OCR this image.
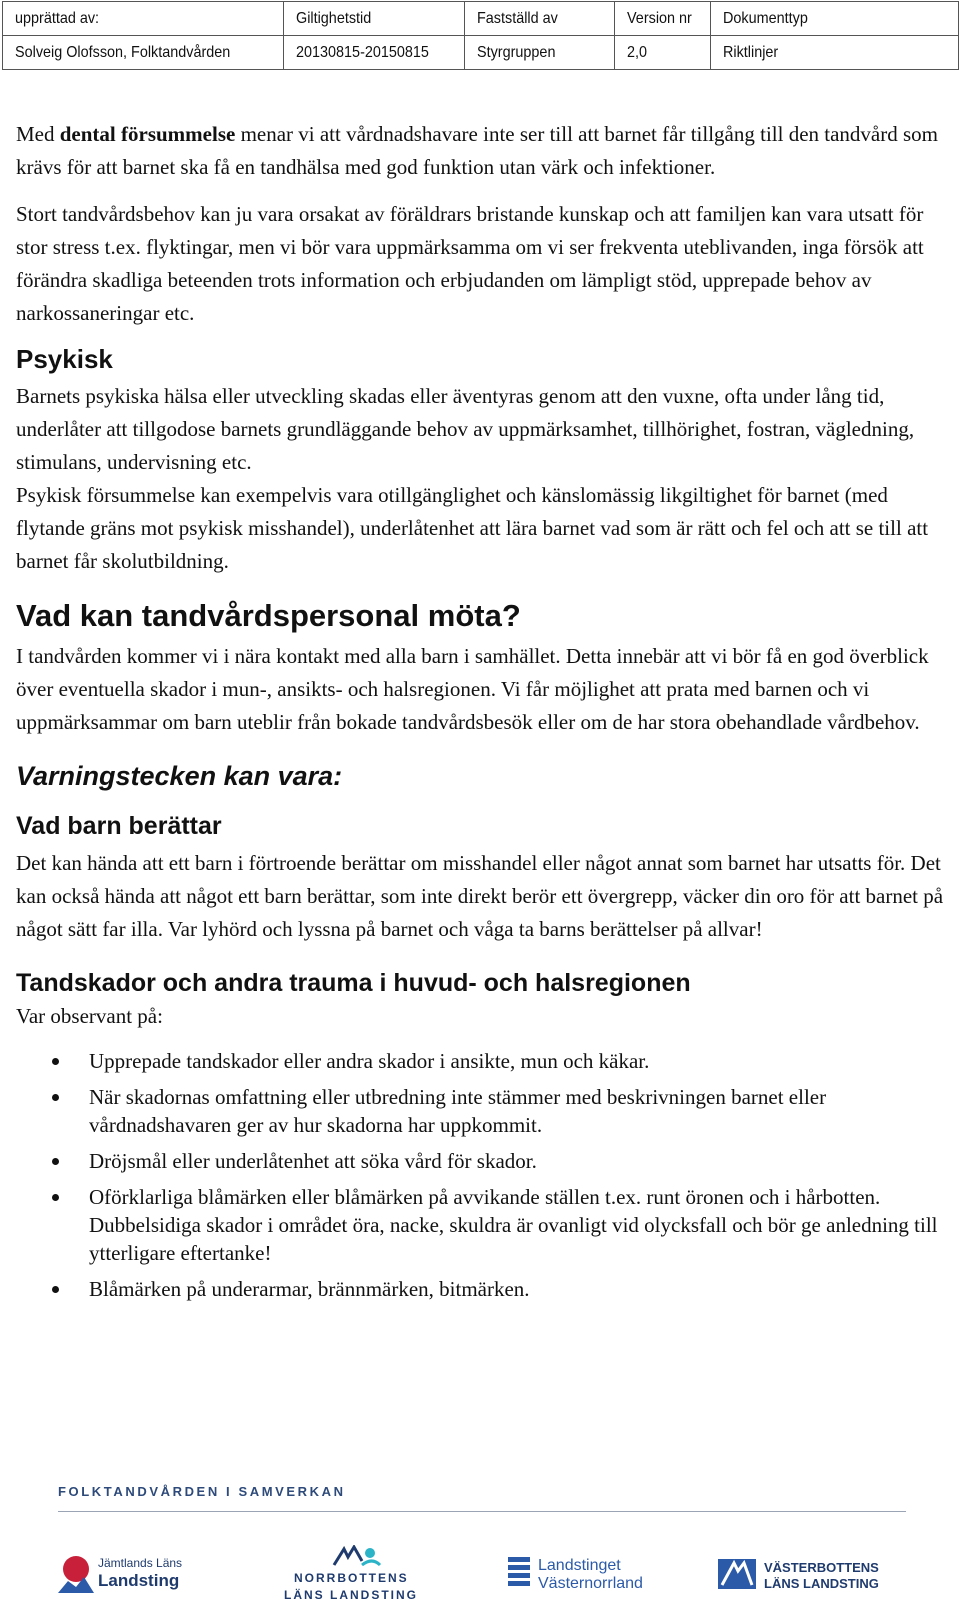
upprättad av:	Giltighetstid	Fastställd av	Version nr	Dokumenttyp
Solveig Olofsson, Folktandvården	20130815-20150815	Styrgruppen	2,0	Riktlinjer

Med dental försummelse menar vi att vårdnadshavare inte ser till att barnet får tillgång till den tandvård som krävs för att barnet ska få en tandhälsa med god funktion utan värk och infektioner.

Stort tandvårdsbehov kan ju vara orsakat av föräldrars bristande kunskap och att familjen kan vara utsatt för stor stress t.ex. flyktingar, men vi bör vara uppmärksamma om vi ser frekventa uteblivanden, inga försök att förändra skadliga beteenden trots information och erbjudanden om lämpligt stöd, upprepade behov av narkossaneringar etc.

Psykisk

Barnets psykiska hälsa eller utveckling skadas eller äventyras genom att den vuxne, ofta under lång tid, underlåter att tillgodose barnets grundläggande behov av uppmärksamhet, tillhörighet, fostran, vägledning, stimulans, undervisning etc.

Psykisk försummelse kan exempelvis vara otillgänglighet och känslomässig likgiltighet för barnet (med flytande gräns mot psykisk misshandel), underlåtenhet att lära barnet vad som är rätt och fel och att se till att barnet får skolutbildning.

Vad kan tandvårdspersonal möta?

I tandvården kommer vi i nära kontakt med alla barn i samhället. Detta innebär att vi bör få en god överblick över eventuella skador i mun-, ansikts- och halsregionen. Vi får möjlighet att prata med barnen och vi uppmärksammar om barn uteblir från bokade tandvårdsbesök eller om de har stora obehandlade vårdbehov.

Varningstecken kan vara:
Vad barn berättar

Det kan hända att ett barn i förtroende berättar om misshandel eller något annat som barnet har utsatts för. Det kan också hända att något ett barn berättar, som inte direkt berör ett övergrepp, väcker din oro för att barnet på något sätt far illa. Var lyhörd och lyssna på barnet och våga ta barns berättelser på allvar!

Tandskador och andra trauma i huvud- och halsregionen

Var observant på:

Upprepade tandskador eller andra skador i ansikte, mun och käkar.
När skadornas omfattning eller utbredning inte stämmer med beskrivningen barnet eller vårdnadshavaren ger av hur skadorna har uppkommit.
Dröjsmål eller underlåtenhet att söka vård för skador.
Oförklarliga blåmärken eller blåmärken på avvikande ställen t.ex. runt öronen och i hårbotten. Dubbelsidiga skador i området öra, nacke, skuldra är ovanligt vid olycksfall och bör ge anledning till ytterligare eftertanke!
Blåmärken på underarmar, brännmärken, bitmärken.
FOLKTANDVÅRDEN I SAMVERKAN
Jämtlands Läns
Landsting	NORRBOTTENS
LÄNS LANDSTING
Landstinget
Västernorrland
VÄSTERBOTTENS
LÄNS LANDSTING
